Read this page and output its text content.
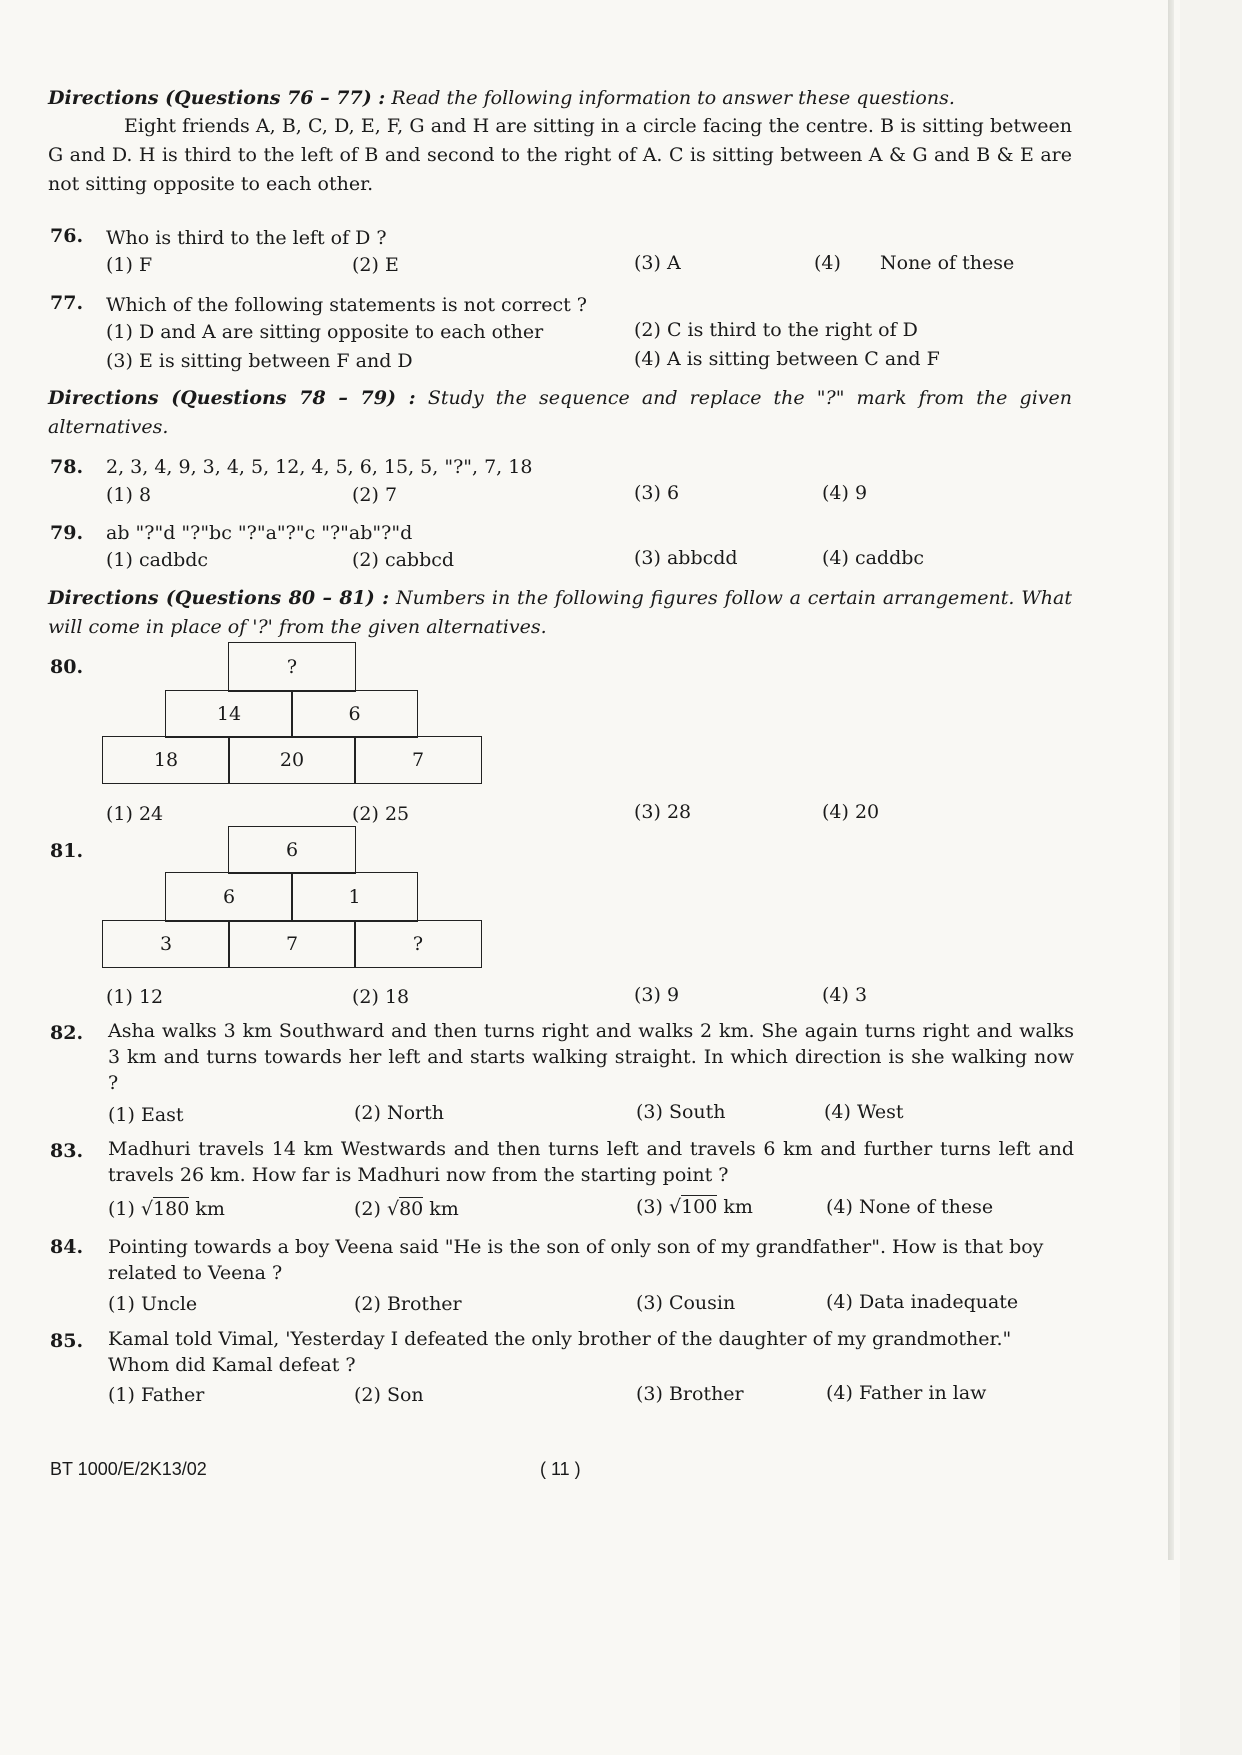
Directions (Questions 76 – 77) : Read the following information to answer these questions.
Eight friends A, B, C, D, E, F, G and H are sitting in a circle facing the centre. B is sitting between G and D. H is third to the left of B and second to the right of A. C is sitting between A & G and B & E are not sitting opposite to each other.
76. Who is third to the left of D ?
(1) F	(2) E	(3) A	(4) None of these
77. Which of the following statements is not correct ?
(1) D and A are sitting opposite to each other	(2) C is third to the right of D
(3) E is sitting between F and D	(4) A is sitting between C and F
Directions (Questions 78 – 79) : Study the sequence and replace the "?" mark from the given alternatives.
78. 2, 3, 4, 9, 3, 4, 5, 12, 4, 5, 6, 15, 5, "?", 7, 18
(1) 8	(2) 7	(3) 6	(4) 9
79. ab "?"d "?"bc "?"a"?"c "?"ab"?"d
(1) cadbdc	(2) cabbcd	(3) abbcdd	(4) caddbc
Directions (Questions 80 – 81) : Numbers in the following figures follow a certain arrangement. What will come in place of '?' from the given alternatives.
80.	?
14	6
18	20	7
(1) 24	(2) 25	(3) 28	(4) 20
81.	6
6	1
3	7	?
(1) 12	(2) 18	(3) 9	(4) 3
82. Asha walks 3 km Southward and then turns right and walks 2 km. She again turns right and walks 3 km and turns towards her left and starts walking straight. In which direction is she walking now ?
(1) East	(2) North	(3) South	(4) West
83. Madhuri travels 14 km Westwards and then turns left and travels 6 km and further turns left and travels 26 km. How far is Madhuri now from the starting point ?
(1) √180 km	(2) √80 km	(3) √100 km	(4) None of these
84. Pointing towards a boy Veena said "He is the son of only son of my grandfather". How is that boy related to Veena ?
(1) Uncle	(2) Brother	(3) Cousin	(4) Data inadequate
85. Kamal told Vimal, 'Yesterday I defeated the only brother of the daughter of my grandmother." Whom did Kamal defeat ?
(1) Father	(2) Son	(3) Brother	(4) Father in law
BT 1000/E/2K13/02	( 11 )
